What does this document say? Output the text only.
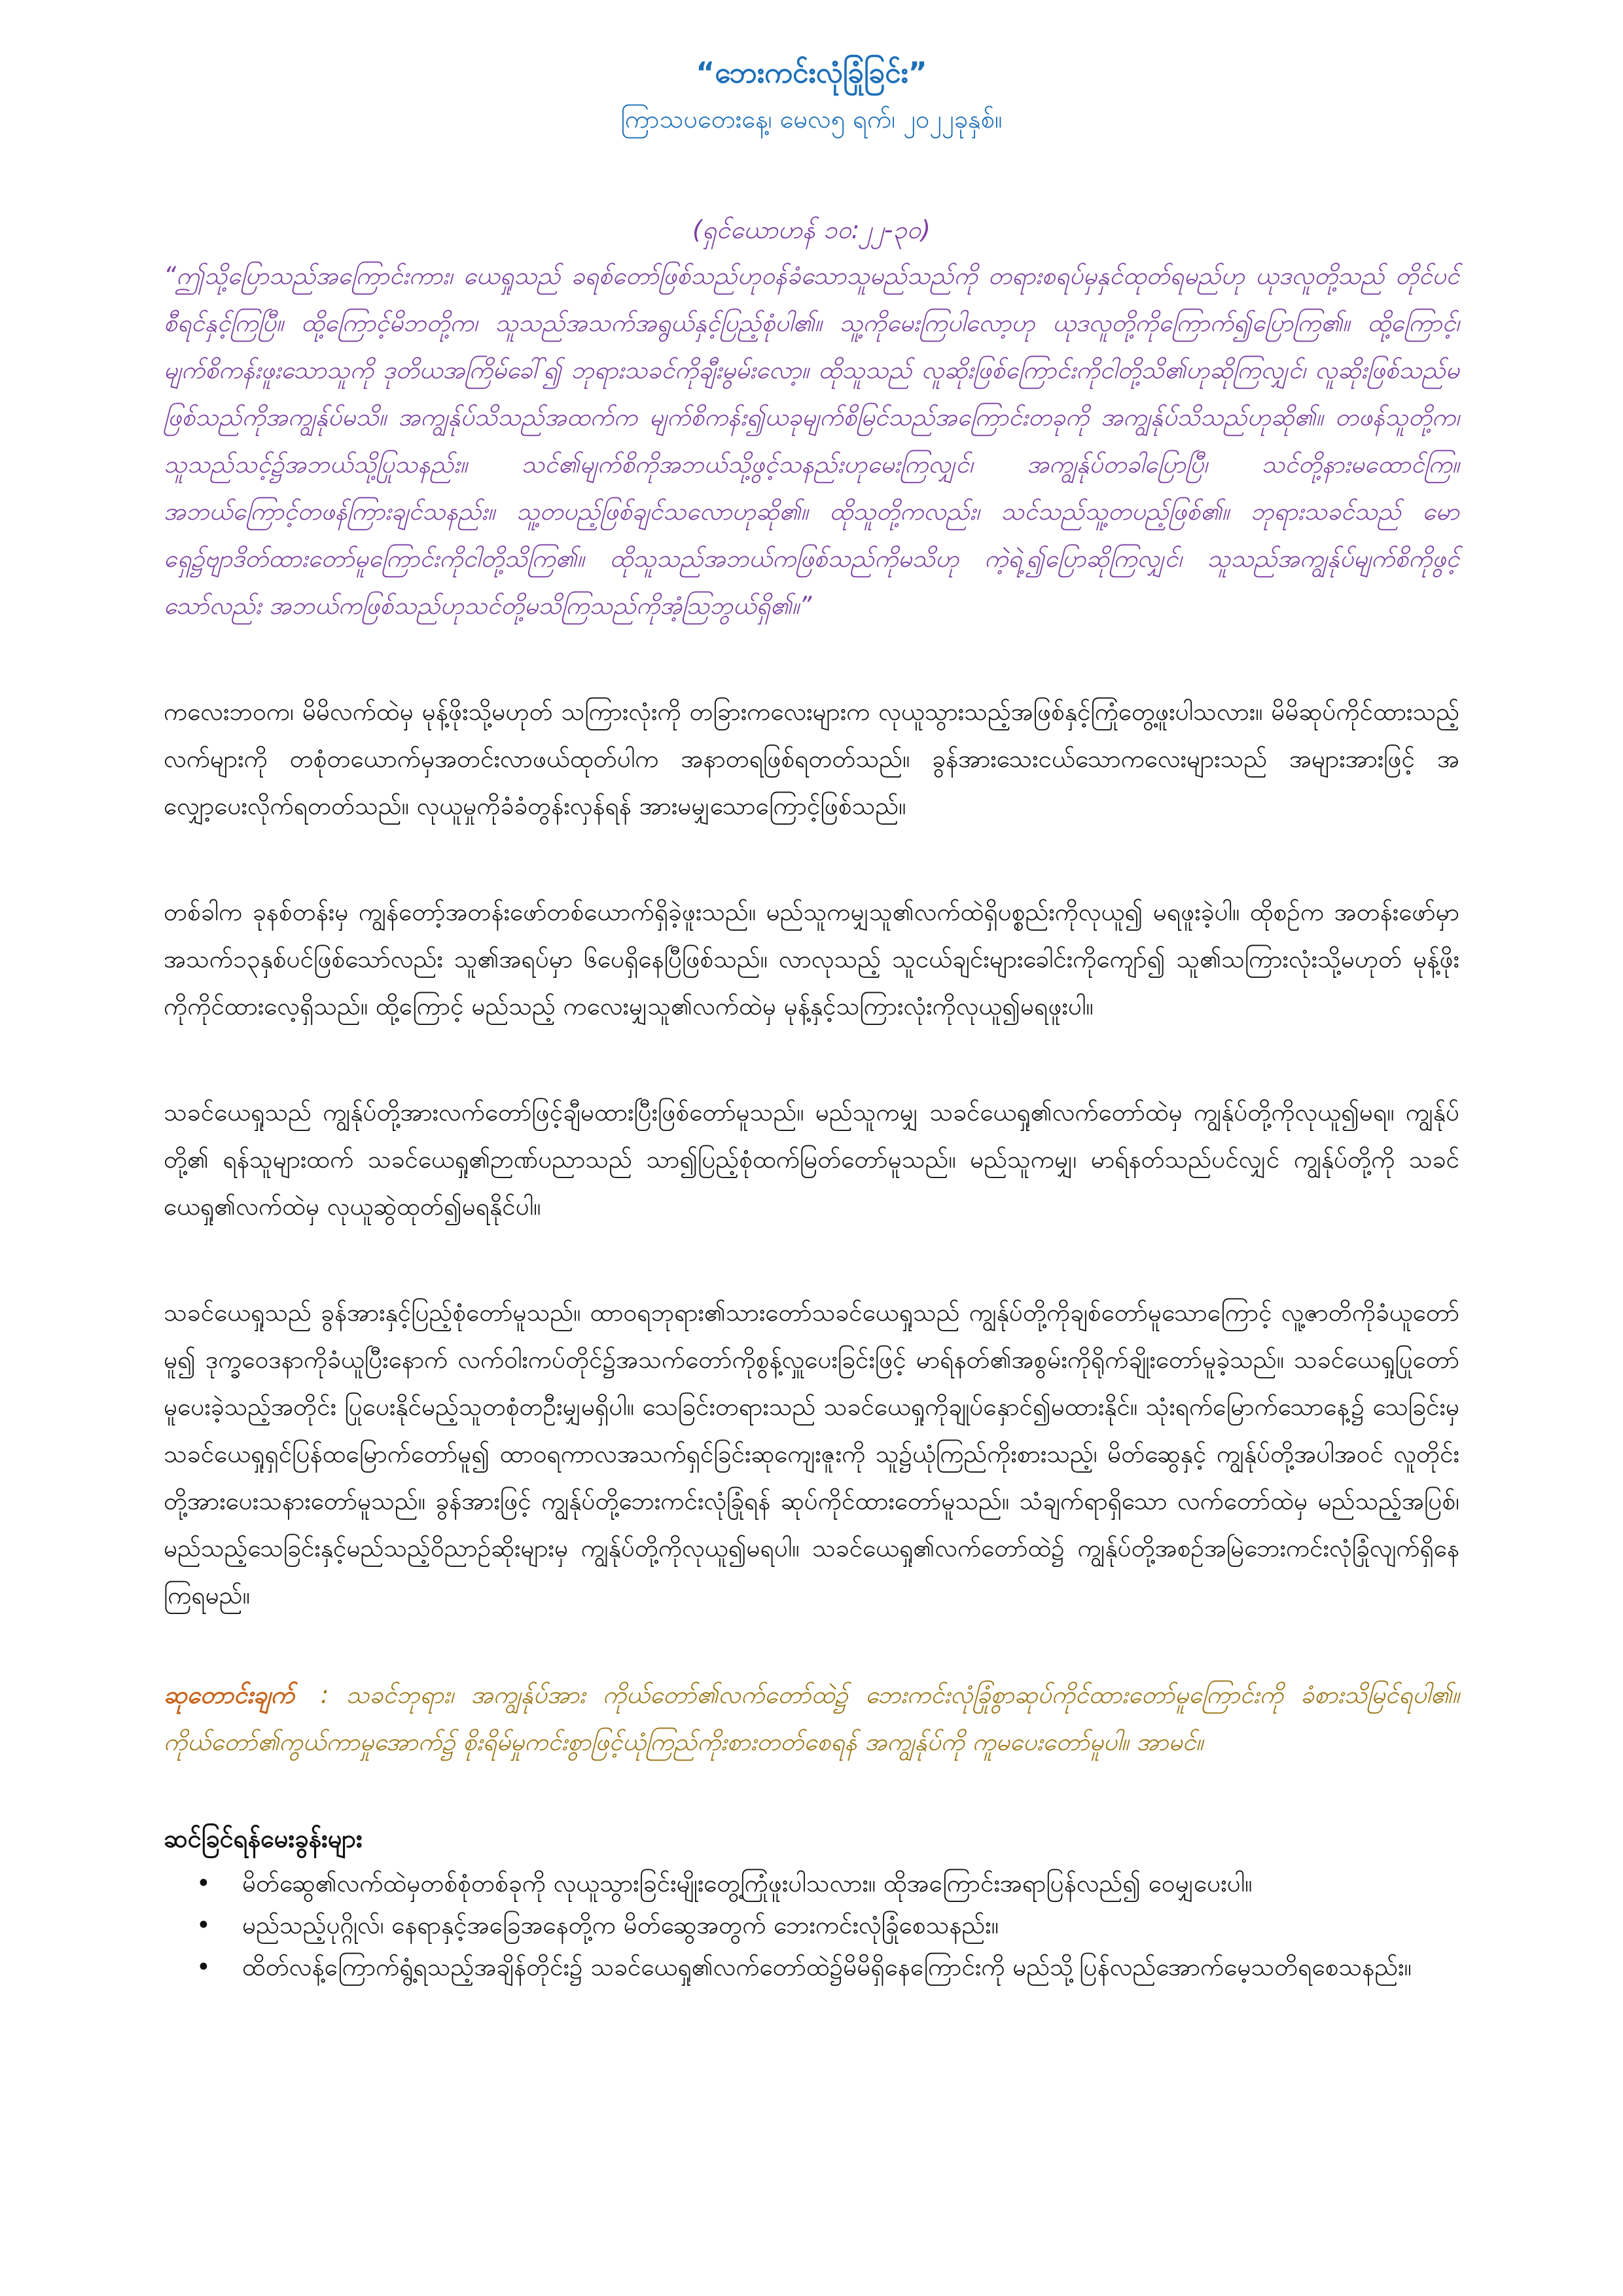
“ဘေးကင်းလုံခြုံခြင်း”

ကြာသပတေးနေ့၊ မေလ၅ ရက်၊ ၂၀၂၂ခုနှစ်။

(ရှင်ယောဟန် ၁၀:၂၂-၃၀)

“ဤသို့ပြောသည်အကြောင်းကား၊ ယေရှုသည် ခရစ်တော်ဖြစ်သည်ဟုဝန်ခံသောသူမည်သည်ကို တရားစရပ်မှနှင်ထုတ်ရမည်ဟု ယုဒလူတို့သည် တိုင်ပင်စီရင်နှင့်ကြပြီ။ ထို့ကြောင့်မိဘတို့က၊ သူသည်အသက်အရွယ်နှင့်ပြည့်စုံပါ၏။ သူ့ကိုမေးကြပါလော့ဟု ယုဒလူတို့ကိုကြောက်၍ပြောကြ၏။ ထို့ကြောင့်၊ မျက်စိကန်းဖူးသောသူကို ဒုတိယအကြိမ်ခေါ်၍ ဘုရားသခင်ကိုချီးမွမ်းလော့။ ထိုသူသည် လူဆိုးဖြစ်ကြောင်းကိုငါတို့သိ၏ဟုဆိုကြလျှင်၊ လူဆိုးဖြစ်သည်မဖြစ်သည်ကိုအကျွန်ုပ်မသိ။ အကျွန်ုပ်သိသည်အထက်က မျက်စိကန်း၍ယခုမျက်စိမြင်သည်အကြောင်းတခုကို အကျွန်ုပ်သိသည်ဟုဆို၏။ တဖန်သူတို့က၊ သူသည်သင့်၌အဘယ်သို့ပြုသနည်း။ သင်၏မျက်စိကိုအဘယ်သို့ဖွင့်သနည်းဟုမေးကြလျှင်၊ အကျွန်ုပ်တခါပြောပြီ၊ သင်တို့နားမထောင်ကြ။ အဘယ်ကြောင့်တဖန်ကြားချင်သနည်း။ သူ့တပည့်ဖြစ်ချင်သလောဟုဆို၏။ ထိုသူတို့ကလည်း၊ သင်သည်သူ့တပည့်ဖြစ်၏။ ဘုရားသခင်သည် မောရှေ၌ဗျာဒိတ်ထားတော်မူကြောင်းကိုငါတို့သိကြ၏။ ထိုသူသည်အဘယ်ကဖြစ်သည်ကိုမသိဟု ကဲ့ရဲ့၍ပြောဆိုကြလျှင်၊ သူသည်အကျွန်ုပ်မျက်စိကိုဖွင့်သော်လည်း အဘယ်ကဖြစ်သည်ဟုသင်တို့မသိကြသည်ကိုအံ့ဩဘွယ်ရှိ၏။”

ကလေးဘဝက၊ မိမိလက်ထဲမှ မုန့်ဖိုးသို့မဟုတ် သကြားလုံးကို တခြားကလေးများက လုယူသွားသည့်အဖြစ်နှင့်ကြုံတွေ့ဖူးပါသလား။ မိမိဆုပ်ကိုင်ထားသည့် လက်များကို တစုံတယောက်မှအတင်းလာဖယ်ထုတ်ပါက အနာတရဖြစ်ရတတ်သည်။ ခွန်အားသေးငယ်သောကလေးများသည် အများအားဖြင့် အလျှော့ပေးလိုက်ရတတ်သည်။ လုယူမှုကိုခံခံတွန်းလှန်ရန် အားမမျှသောကြောင့်ဖြစ်သည်။

တစ်ခါက ခုနစ်တန်းမှ ကျွန်တော့်အတန်းဖော်တစ်ယောက်ရှိခဲ့ဖူးသည်။ မည်သူကမျှသူ၏လက်ထဲရှိပစ္စည်းကိုလုယူ၍ မရဖူးခဲ့ပါ။ ထိုစဉ်က အတန်းဖော်မှာ အသက်၁၃နှစ်ပင်ဖြစ်သော်လည်း သူ၏အရပ်မှာ ၆ပေရှိနေပြီဖြစ်သည်။ လာလုသည့် သူငယ်ချင်းများခေါင်းကိုကျော်၍ သူ၏သကြားလုံးသို့မဟုတ် မုန့်ဖိုးကိုကိုင်ထားလေ့ရှိသည်။ ထို့ကြောင့် မည်သည့် ကလေးမျှသူ၏လက်ထဲမှ မုန့်နှင့်သကြားလုံးကိုလုယူ၍မရဖူးပါ။

သခင်ယေရှုသည် ကျွန်ုပ်တို့အားလက်တော်ဖြင့်ချီမထားပြီးဖြစ်တော်မူသည်။ မည်သူကမျှ သခင်ယေရှု၏လက်တော်ထဲမှ ကျွန်ုပ်တို့ကိုလုယူ၍မရ။ ကျွန်ုပ်တို့၏ ရန်သူများထက် သခင်ယေရှု၏ဉာဏ်ပညာသည် သာ၍ပြည့်စုံထက်မြတ်တော်မူသည်။ မည်သူကမျှ၊ မာရ်နတ်သည်ပင်လျှင် ကျွန်ုပ်တို့ကို သခင်ယေရှု၏လက်ထဲမှ လုယူဆွဲထုတ်၍မရနိုင်ပါ။

သခင်ယေရှုသည် ခွန်အားနှင့်ပြည့်စုံတော်မူသည်။ ထာဝရဘုရား၏သားတော်သခင်ယေရှုသည် ကျွန်ုပ်တို့ကိုချစ်တော်မူသောကြောင့် လူ့ဇာတိကိုခံယူတော်မူ၍ ဒုက္ခဝေဒနာကိုခံယူပြီးနောက် လက်ဝါးကပ်တိုင်၌အသက်တော်ကိုစွန့်လှူပေးခြင်းဖြင့် မာရ်နတ်၏အစွမ်းကိုရိုက်ချိုးတော်မူခဲ့သည်။ သခင်ယေရှုပြုတော်မူပေးခဲ့သည့်အတိုင်း ပြုပေးနိုင်မည့်သူတစုံတဦးမျှမရှိပါ။ သေခြင်းတရားသည် သခင်ယေရှုကိုချုပ်နှောင်၍မထားနိုင်။ သုံးရက်မြောက်သောနေ့၌ သေခြင်းမှ သခင်ယေရှုရှင်ပြန်ထမြောက်တော်မူ၍ ထာဝရကာလအသက်ရှင်ခြင်းဆုကျေးဇူးကို သူ၌ယုံကြည်ကိုးစားသည့်၊ မိတ်ဆွေနှင့် ကျွန်ုပ်တို့အပါအဝင် လူတိုင်းတို့အားပေးသနားတော်မူသည်။ ခွန်အားဖြင့် ကျွန်ုပ်တို့ဘေးကင်းလုံခြုံရန် ဆုပ်ကိုင်ထားတော်မူသည်။ သံချက်ရာရှိသော လက်တော်ထဲမှ မည်သည့်အပြစ်၊ မည်သည့်သေခြင်းနှင့်မည်သည့်ဝိညာဉ်ဆိုးများမှ ကျွန်ုပ်တို့ကိုလုယူ၍မရပါ။ သခင်ယေရှု၏လက်တော်ထဲ၌ ကျွန်ုပ်တို့အစဉ်အမြဲဘေးကင်းလုံခြုံလျက်ရှိနေကြရမည်။

ဆုတောင်းချက် : သခင်ဘုရား၊ အကျွန်ုပ်အား ကိုယ်တော်၏လက်တော်ထဲ၌ ဘေးကင်းလုံခြုံစွာဆုပ်ကိုင်ထားတော်မူကြောင်းကို ခံစားသိမြင်ရပါ၏။ ကိုယ်တော်၏ကွယ်ကာမှုအောက်၌ စိုးရိမ်မှုကင်းစွာဖြင့်ယုံကြည်ကိုးစားတတ်စေရန် အကျွန်ုပ်ကို ကူမပေးတော်မူပါ။ အာမင်။

ဆင်ခြင်ရန်မေးခွန်းများ
• မိတ်ဆွေ၏လက်ထဲမှတစ်စုံတစ်ခုကို လုယူသွားခြင်းမျိုးတွေ့ကြုံဖူးပါသလား။ ထိုအကြောင်းအရာပြန်လည်၍ ဝေမျှပေးပါ။
• မည်သည့်ပုဂ္ဂိုလ်၊ နေရာနှင့်အခြေအနေတို့က မိတ်ဆွေအတွက် ဘေးကင်းလုံခြုံစေသနည်း။
• ထိတ်လန့်ကြောက်ရွံ့ရသည့်အချိန်တိုင်း၌ သခင်ယေရှု၏လက်တော်ထဲ၌မိမိရှိနေကြောင်းကို မည်သို့ပြန်လည်အောက်မေ့သတိရစေသနည်း။
